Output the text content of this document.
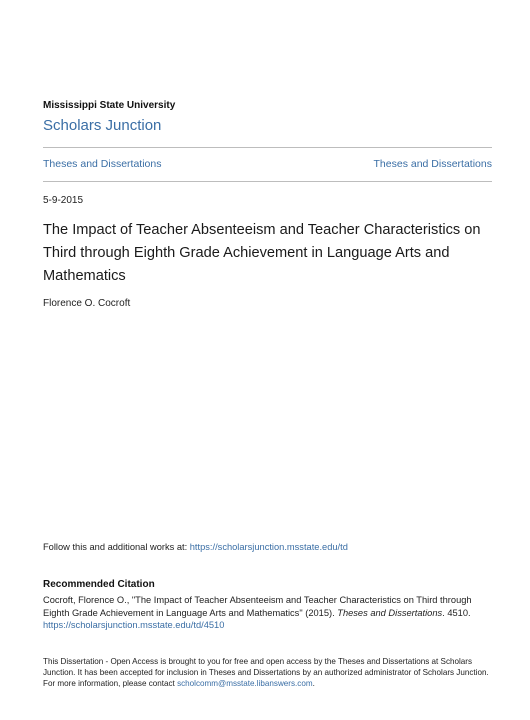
Mississippi State University
Scholars Junction
Theses and Dissertations	Theses and Dissertations
5-9-2015
The Impact of Teacher Absenteeism and Teacher Characteristics on Third through Eighth Grade Achievement in Language Arts and Mathematics
Florence O. Cocroft
Follow this and additional works at: https://scholarsjunction.msstate.edu/td
Recommended Citation
Cocroft, Florence O., "The Impact of Teacher Absenteeism and Teacher Characteristics on Third through Eighth Grade Achievement in Language Arts and Mathematics" (2015). Theses and Dissertations. 4510.
https://scholarsjunction.msstate.edu/td/4510
This Dissertation - Open Access is brought to you for free and open access by the Theses and Dissertations at Scholars Junction. It has been accepted for inclusion in Theses and Dissertations by an authorized administrator of Scholars Junction. For more information, please contact scholcomm@msstate.libanswers.com.
